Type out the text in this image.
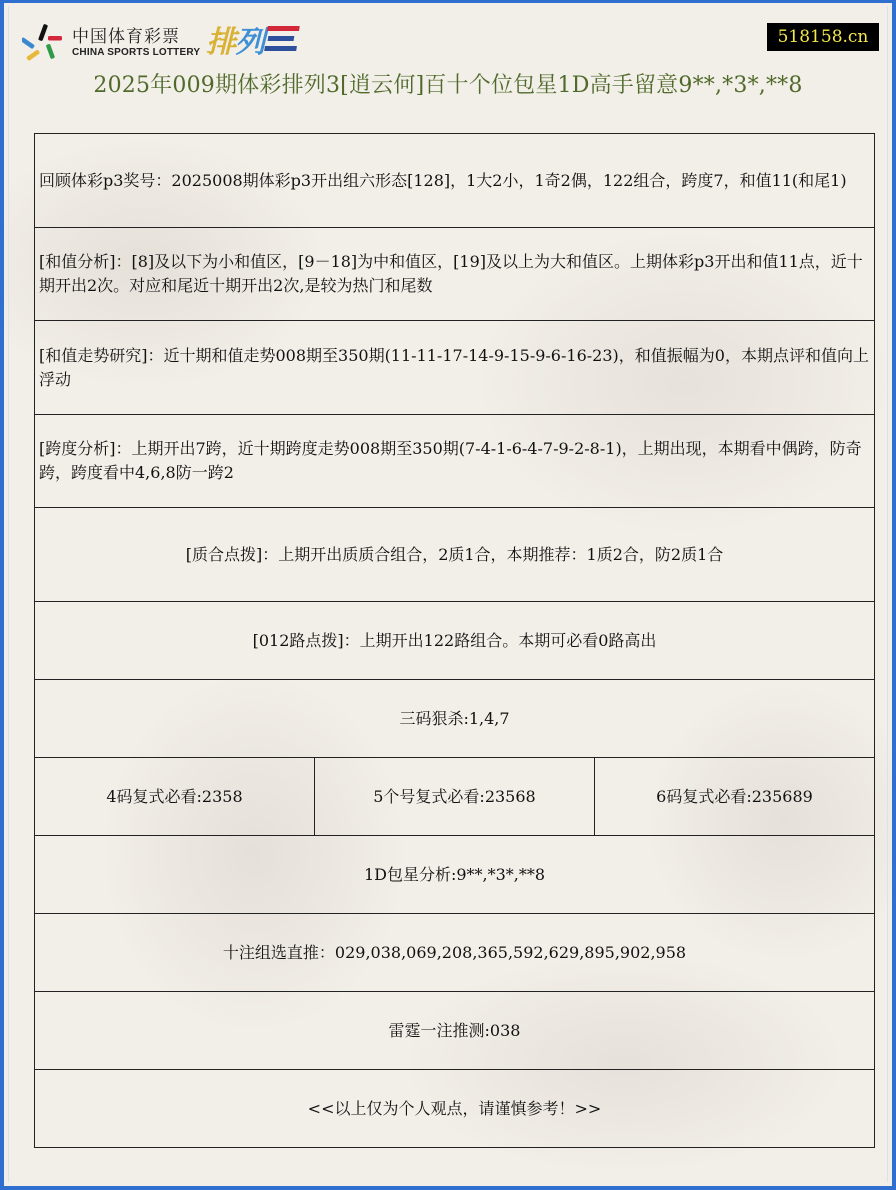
中国体育彩票
CHINA SPORTS LOTTERY 排 列	518158.cn
2025年009期体彩排列3[逍云何]百十个位包星1D高手留意9**,*3*,**8
回顾体彩p3奖号：2025008期体彩p3开出组六形态[128]，1大2小，1奇2偶，122组合，跨度7，和值11(和尾1)
[和值分析]：[8]及以下为小和值区，[9－18]为中和值区，[19]及以上为大和值区。上期体彩p3开出和值11点，近十期开出2次。对应和尾近十期开出2次,是较为热门和尾数
[和值走势研究]：近十期和值走势008期至350期(11-11-17-14-9-15-9-6-16-23)，和值振幅为0，本期点评和值向上浮动
[跨度分析]：上期开出7跨，近十期跨度走势008期至350期(7-4-1-6-4-7-9-2-8-1)，上期出现，本期看中偶跨，防奇跨，跨度看中4,6,8防一跨2
[质合点拨]：上期开出质质合组合，2质1合，本期推荐：1质2合，防2质1合
[012路点拨]：上期开出122路组合。本期可必看0路高出
三码狠杀:1,4,7
4码复式必看:2358	5个号复式必看:23568	6码复式必看:235689
1D包星分析:9**,*3*,**8
十注组选直推：029,038,069,208,365,592,629,895,902,958
雷霆一注推测:038
<<以上仅为个人观点，请谨慎参考！>>
